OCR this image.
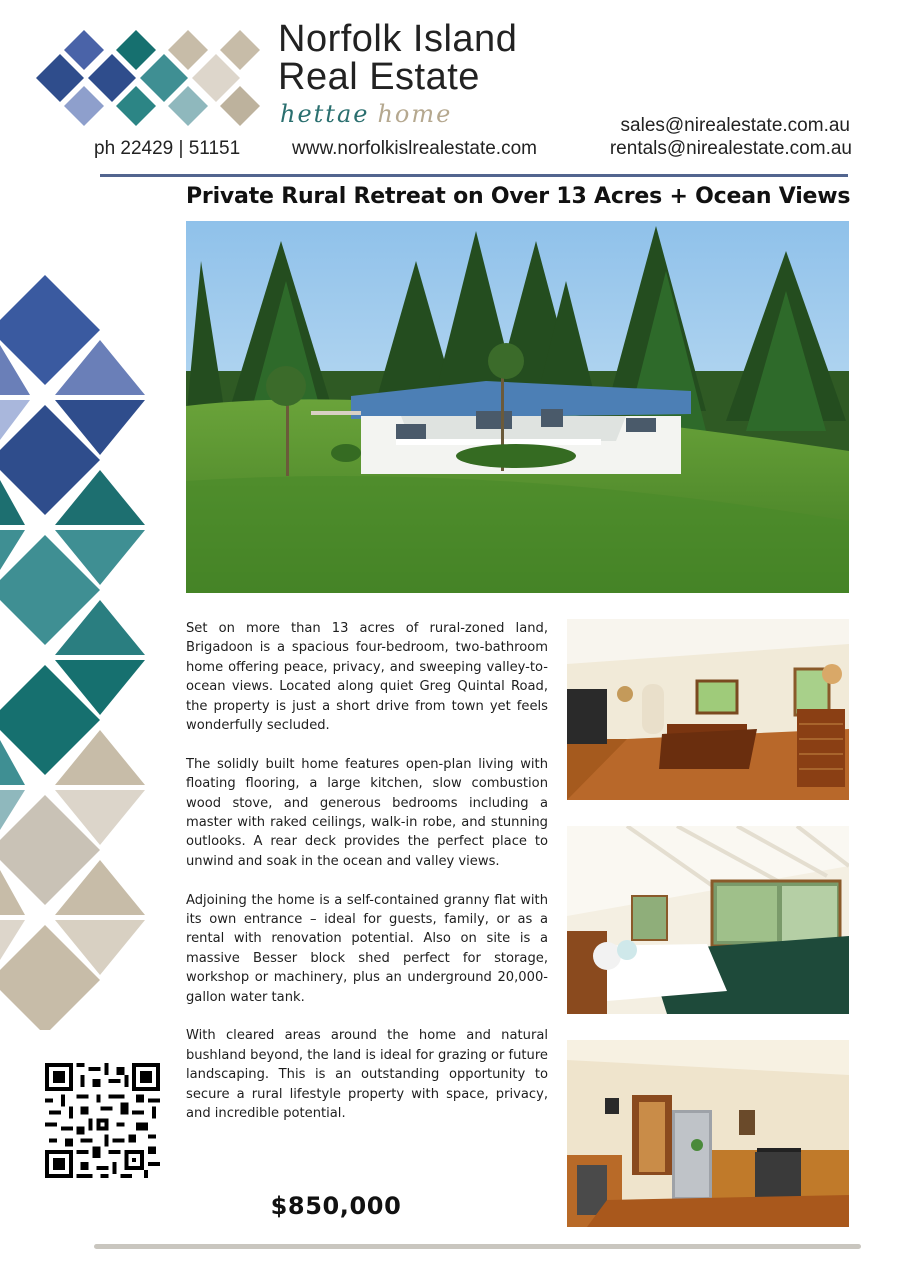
Norfolk Island
Real Estate
hettae home
ph 22429 | 51151	www.norfolkislrealestate.com
sales@nirealestate.com.au
rentals@nirealestate.com.au
Private Rural Retreat on Over 13 Acres + Ocean Views

Set on more than 13 acres of rural-zoned land, Brigadoon is a spacious four-bedroom, two-bathroom home offering peace, privacy, and sweeping valley-to-ocean views. Located along quiet Greg Quintal Road, the property is just a short drive from town yet feels wonderfully secluded.

The solidly built home features open-plan living with floating flooring, a large kitchen, slow combustion wood stove, and generous bedrooms including a master with raked ceilings, walk-in robe, and stunning outlooks. A rear deck provides the perfect place to unwind and soak in the ocean and valley views.

Adjoining the home is a self-contained granny flat with its own entrance – ideal for guests, family, or as a rental with renovation potential. Also on site is a massive Besser block shed perfect for storage, workshop or machinery, plus an underground 20,000-gallon water tank.

With cleared areas around the home and natural bushland beyond, the land is ideal for grazing or future landscaping. This is an outstanding opportunity to secure a rural lifestyle property with space, privacy, and incredible potential.

$850,000
